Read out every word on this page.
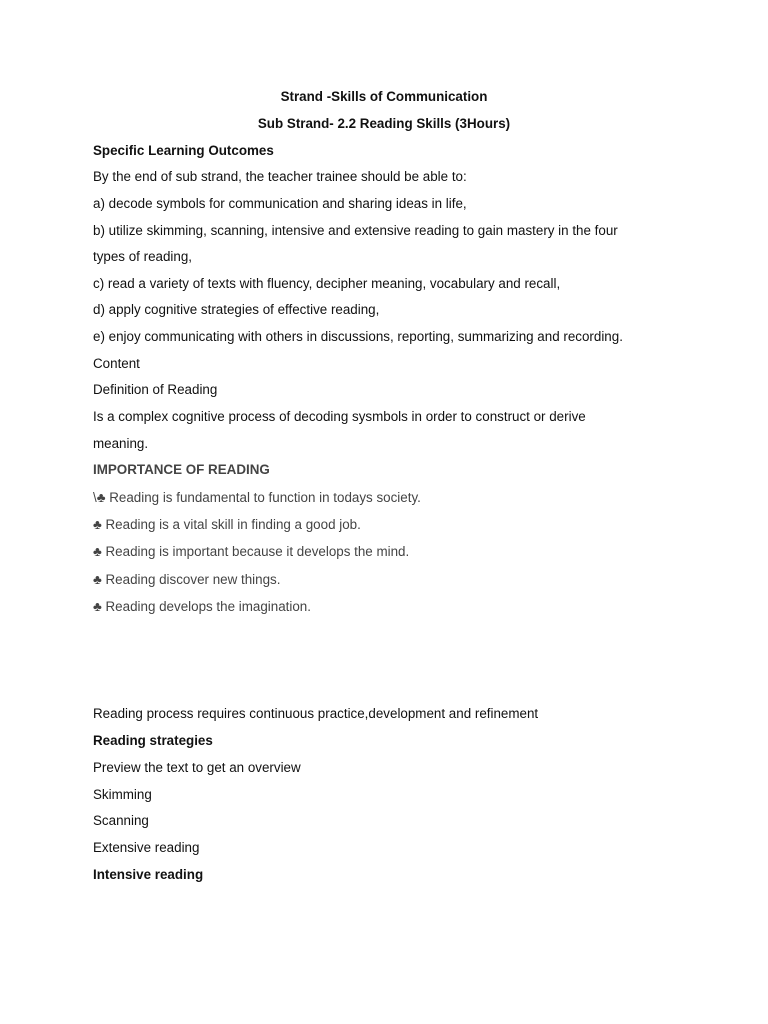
Strand -Skills of Communication
Sub Strand- 2.2 Reading Skills (3Hours)
Specific Learning Outcomes
By the end of sub strand, the teacher trainee should be able to:
a) decode symbols for communication and sharing ideas in life,
b) utilize skimming, scanning, intensive and extensive reading to gain mastery in the four
types of reading,
c) read a variety of texts with fluency, decipher meaning, vocabulary and recall,
d) apply cognitive strategies of effective reading,
e) enjoy communicating with others in discussions, reporting, summarizing and recording.
Content
Definition of Reading
Is a complex cognitive process of decoding sysmbols in order to construct or derive
meaning.
IMPORTANCE OF READING
\♣ Reading is fundamental to function in todays society.
♣ Reading is a vital skill in finding a good job.
♣ Reading is important because it develops the mind.
♣ Reading discover new things.
♣ Reading develops the imagination.
Reading process requires continuous practice,development and refinement
Reading strategies
Preview the text to get an overview
Skimming
Scanning
Extensive reading
Intensive reading
